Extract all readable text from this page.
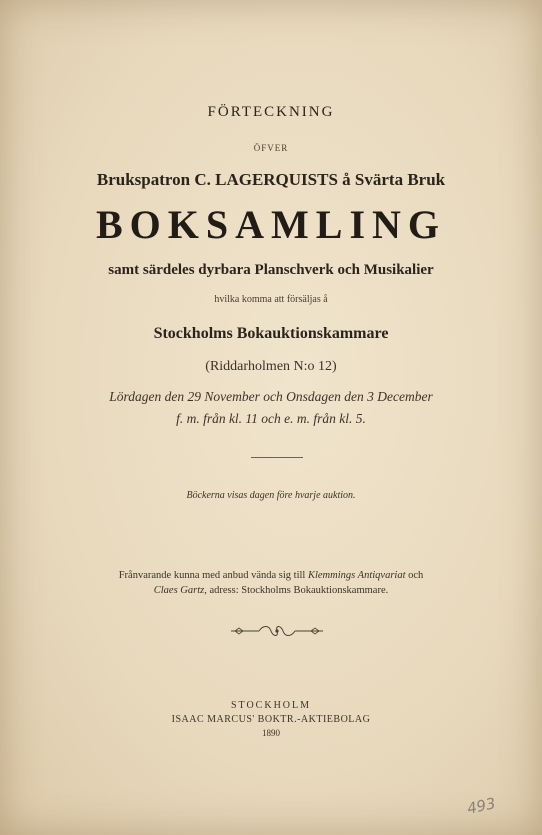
FÖRTECKNING
ÖFVER
Brukspatron C. LAGERQUISTS å Svärta Bruk
BOKSAMLING
samt särdeles dyrbara Planschverk och Musikalier
hvilka komma att försäljas å
Stockholms Bokauktionskammare
(Riddarholmen N:o 12)
Lördagen den 29 November och Onsdagen den 3 December
f. m. från kl. 11 och e. m. från kl. 5.
Böckerna visas dagen före hvarje auktion.
Frånvarande kunna med anbud vända sig till Klemmings Antiqvariat och
Claes Gartz, adress: Stockholms Bokauktionskammare.
STOCKHOLM
ISAAC MARCUS' BOKTR.-AKTIEBOLAG
1890
493
